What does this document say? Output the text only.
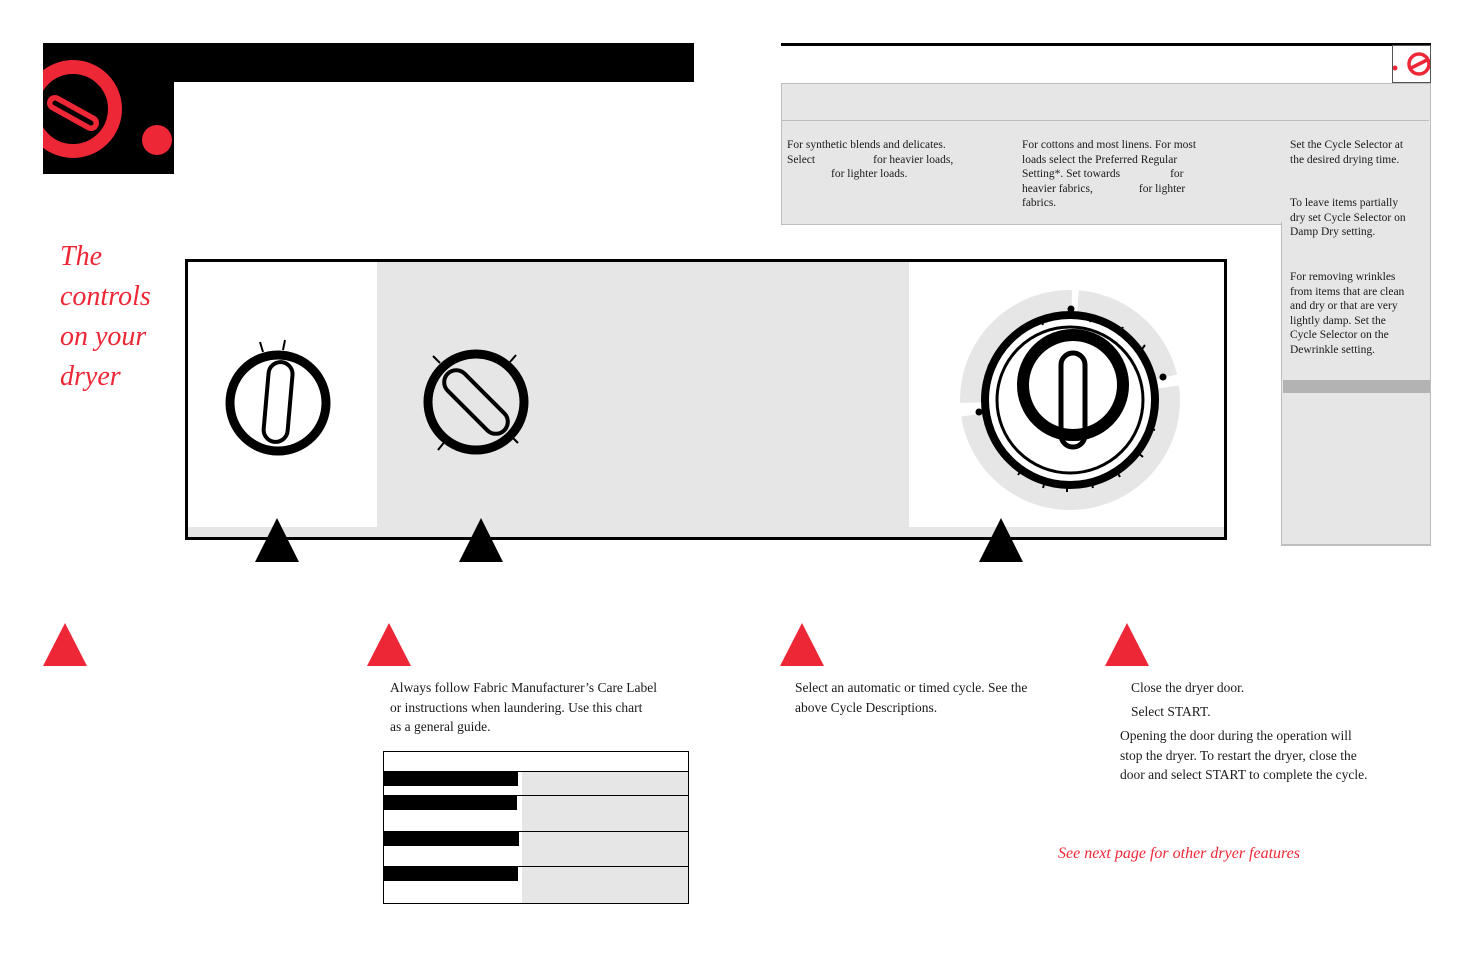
The
controls
on your
dryer
For synthetic blends and delicates.
Select	for heavier loads,
for lighter loads.
For cottons and most linens. For most
loads select the Preferred Regular
Setting*. Set towards	for
heavier fabrics,	for lighter
fabrics.
Set the Cycle Selector at
the desired drying time.
To leave items partially
dry set Cycle Selector on
Damp Dry setting.
For removing wrinkles
from items that are clean
and dry or that are very
lightly damp. Set the
Cycle Selector on the
Dewrinkle setting.
Always follow Fabric Manufacturer’s Care Label
or instructions when laundering. Use this chart
as a general guide.
Select an automatic or timed cycle. See the
above Cycle Descriptions.
Close the dryer door.
Select START.
Opening the door during the operation will
stop the dryer. To restart the dryer, close the
door and select START to complete the cycle.
See next page for other dryer features
